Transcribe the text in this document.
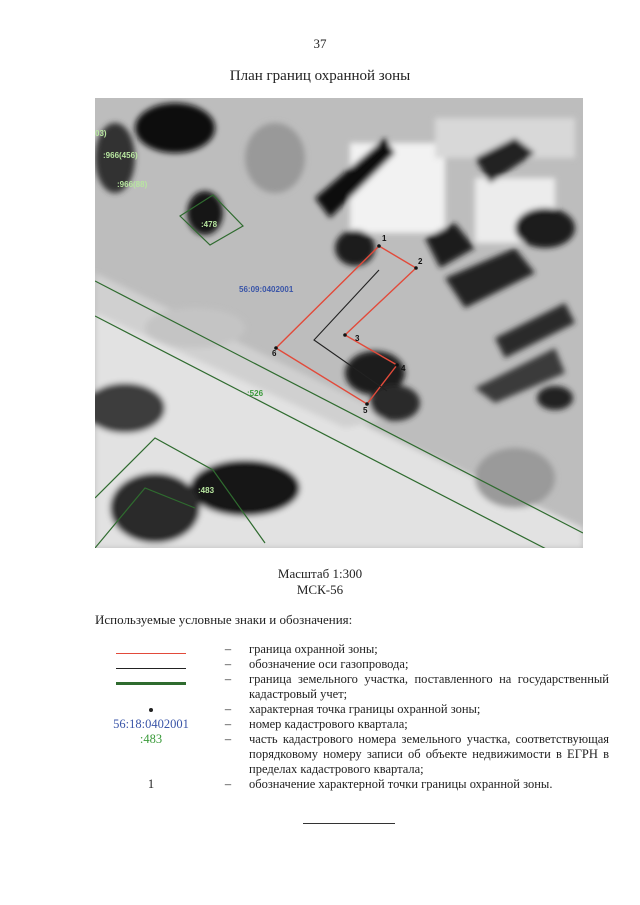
37
План границ охранной зоны
1
2
3
4
5
6
03)
:966(456)
:966(88)
:478
56:09:0402001
:526
:483
Масштаб 1:300
МСК-56
Используемые условные знаки и обозначения:
–	граница охранной зоны;
–	обозначение оси газопровода;
–	граница земельного участка, поставленного на государственный кадастровый учет;
–	характерная точка границы охранной зоны;
56:18:0402001	–	номер кадастрового квартала;
:483	–	часть кадастрового номера земельного участка, соответствующая порядковому номеру записи об объекте недвижимости в ЕГРН в пределах кадастрового квартала;
1	–	обозначение характерной точки границы охранной зоны.
